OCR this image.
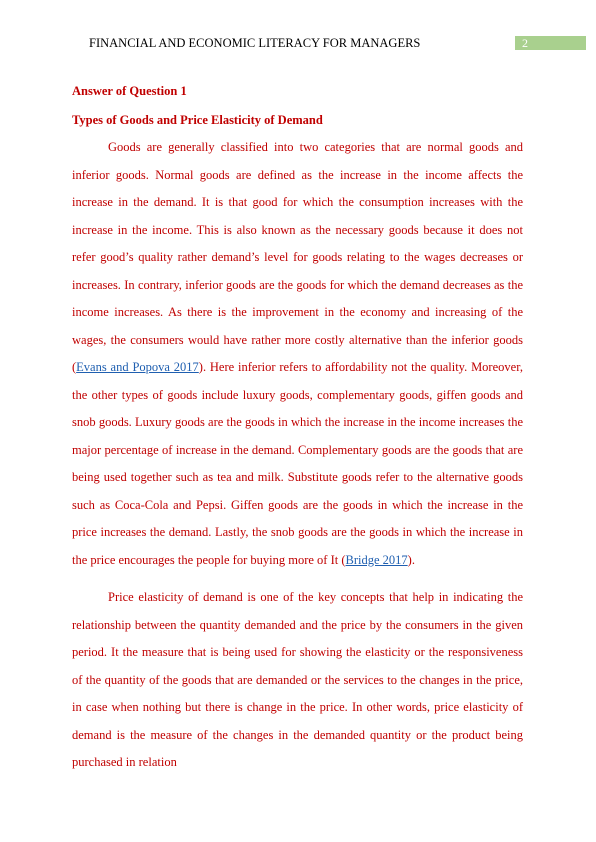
FINANCIAL AND ECONOMIC LITERACY FOR MANAGERS	2
Answer of Question 1
Types of Goods and Price Elasticity of Demand

Goods are generally classified into two categories that are normal goods and inferior goods. Normal goods are defined as the increase in the income affects the increase in the demand. It is that good for which the consumption increases with the increase in the income. This is also known as the necessary goods because it does not refer good’s quality rather demand’s level for goods relating to the wages decreases or increases. In contrary, inferior goods are the goods for which the demand decreases as the income increases. As there is the improvement in the economy and increasing of the wages, the consumers would have rather more costly alternative than the inferior goods (Evans and Popova 2017). Here inferior refers to affordability not the quality. Moreover, the other types of goods include luxury goods, complementary goods, giffen goods and snob goods. Luxury goods are the goods in which the increase in the income increases the major percentage of increase in the demand. Complementary goods are the goods that are being used together such as tea and milk. Substitute goods refer to the alternative goods such as Coca-Cola and Pepsi. Giffen goods are the goods in which the increase in the price increases the demand. Lastly, the snob goods are the goods in which the increase in the price encourages the people for buying more of It (Bridge 2017).

Price elasticity of demand is one of the key concepts that help in indicating the relationship between the quantity demanded and the price by the consumers in the given period. It the measure that is being used for showing the elasticity or the responsiveness of the quantity of the goods that are demanded or the services to the changes in the price, in case when nothing but there is change in the price. In other words, price elasticity of demand is the measure of the changes in the demanded quantity or the product being purchased in relation
